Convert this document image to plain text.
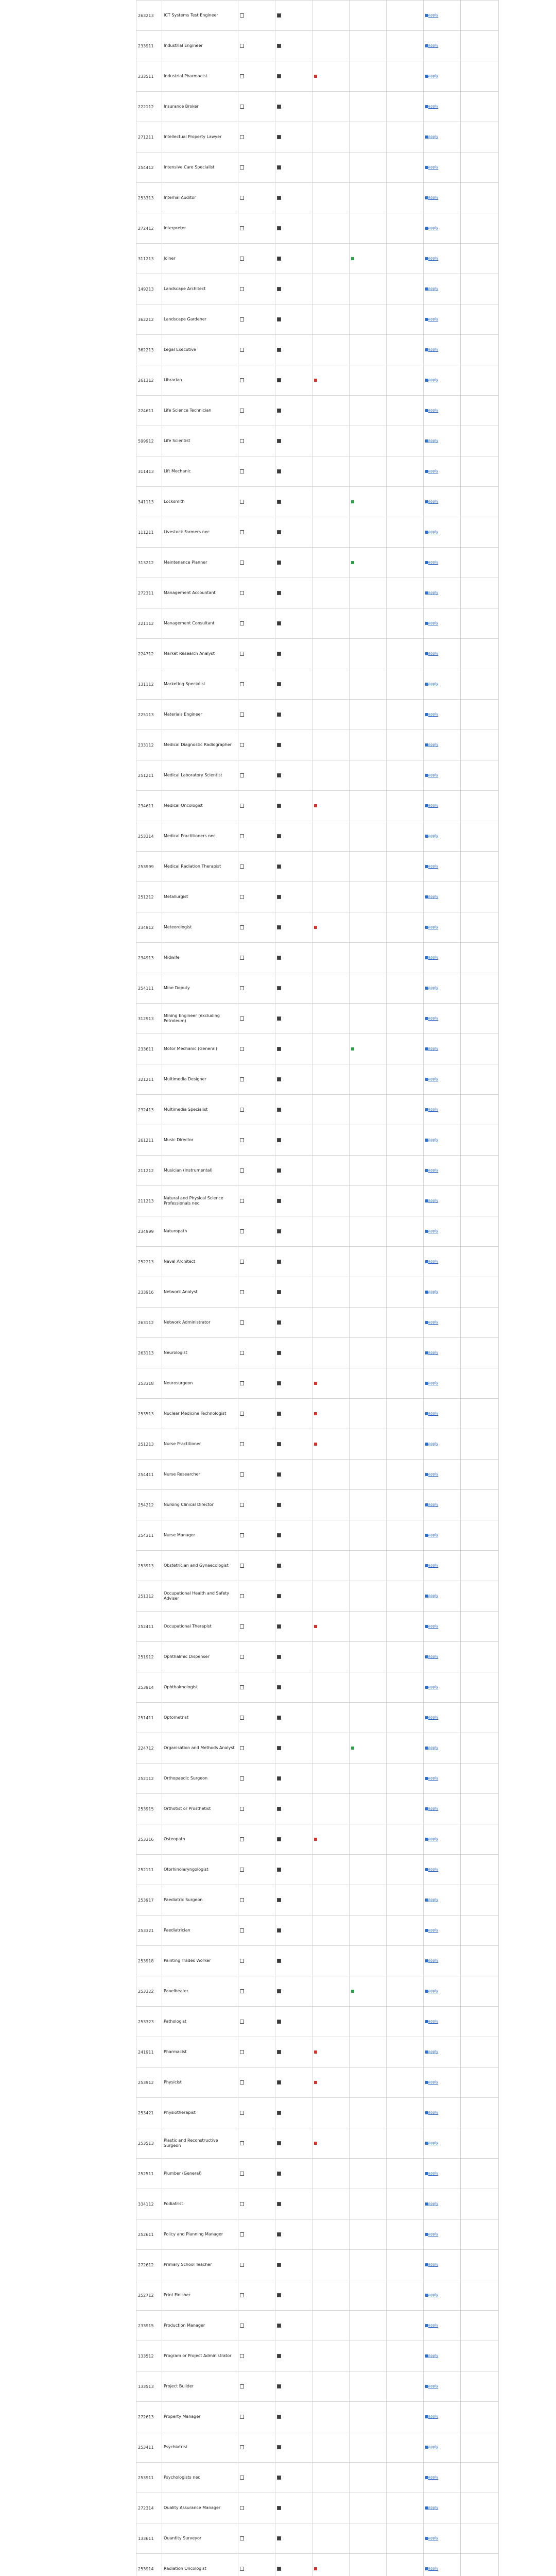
263213	ICT Systems Test Engineer						apply	
233911	Industrial Engineer						apply	
233511	Industrial Pharmacist						apply	
222112	Insurance Broker						apply	
271211	Intellectual Property Lawyer						apply	
254412	Intensive Care Specialist						apply	
253313	Internal Auditor						apply	
272412	Interpreter						apply	
311213	Joiner						apply	
149213	Landscape Architect						apply	
362212	Landscape Gardener						apply	
362213	Legal Executive						apply	
261312	Librarian						apply	
224611	Life Science Technician						apply	
599912	Life Scientist						apply	
311413	Lift Mechanic						apply	
341113	Locksmith						apply	
111211	Livestock Farmers nec						apply	
313212	Maintenance Planner						apply	
272311	Management Accountant						apply	
221112	Management Consultant						apply	
224712	Market Research Analyst						apply	
131112	Marketing Specialist						apply	
225113	Materials Engineer						apply	
233112	Medical Diagnostic Radiographer						apply	
251211	Medical Laboratory Scientist						apply	
234611	Medical Oncologist						apply	
253314	Medical Practitioners nec						apply	
253999	Medical Radiation Therapist						apply	
251212	Metallurgist						apply	
234912	Meteorologist						apply	
234913	Midwife						apply	
254111	Mine Deputy						apply	
312913	Mining Engineer (excluding Petroleum)						apply	
233611	Motor Mechanic (General)						apply	
321211	Multimedia Designer						apply	
232413	Multimedia Specialist						apply	
261211	Music Director						apply	
211212	Musician (Instrumental)						apply	
211213	Natural and Physical Science Professionals nec						apply	
234999	Naturopath						apply	
252213	Naval Architect						apply	
233916	Network Analyst						apply	
263112	Network Administrator						apply	
263113	Neurologist						apply	
253318	Neurosurgeon						apply	
253513	Nuclear Medicine Technologist						apply	
251213	Nurse Practitioner						apply	
254411	Nurse Researcher						apply	
254212	Nursing Clinical Director						apply	
254311	Nurse Manager						apply	
253913	Obstetrician and Gynaecologist						apply	
251312	Occupational Health and Safety Adviser						apply	
252411	Occupational Therapist						apply	
251912	Ophthalmic Dispenser						apply	
253914	Ophthalmologist						apply	
251411	Optometrist						apply	
224712	Organisation and Methods Analyst						apply	
252112	Orthopaedic Surgeon						apply	
253915	Orthotist or Prosthetist						apply	
253316	Osteopath						apply	
252111	Otorhinolaryngologist						apply	
253917	Paediatric Surgeon						apply	
253321	Paediatrician						apply	
253918	Painting Trades Worker						apply	
253322	Panelbeater						apply	
253323	Pathologist						apply	
241911	Pharmacist						apply	
253912	Physicist						apply	
253421	Physiotherapist						apply	
253513	Plastic and Reconstructive Surgeon						apply	
252511	Plumber (General)						apply	
334112	Podiatrist						apply	
252611	Policy and Planning Manager						apply	
272612	Primary School Teacher						apply	
252712	Print Finisher						apply	
233915	Production Manager						apply	
133512	Program or Project Administrator						apply	
133513	Project Builder						apply	
272613	Property Manager						apply	
253411	Psychiatrist						apply	
253911	Psychologists nec						apply	
272314	Quality Assurance Manager						apply	
133611	Quantity Surveyor						apply	
253914	Radiation Oncologist						apply	
